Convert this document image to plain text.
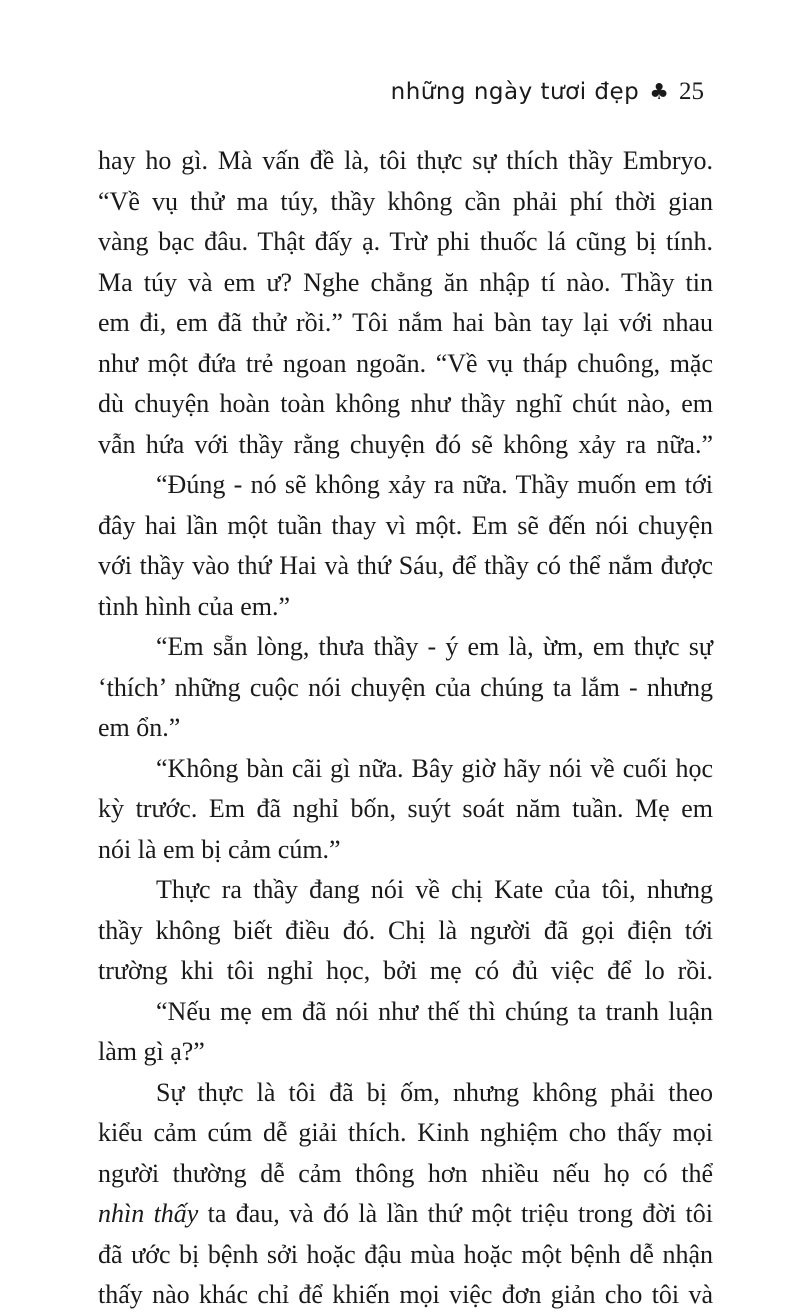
những ngày tươi đẹp ♣ 25
hay ho gì. Mà vấn đề là, tôi thực sự thích thầy Embryo.
“Về vụ thử ma túy, thầy không cần phải phí thời gian
vàng bạc đâu. Thật đấy ạ. Trừ phi thuốc lá cũng bị tính.
Ma túy và em ư? Nghe chẳng ăn nhập tí nào. Thầy tin
em đi, em đã thử rồi.” Tôi nắm hai bàn tay lại với nhau
như một đứa trẻ ngoan ngoãn. “Về vụ tháp chuông, mặc
dù chuyện hoàn toàn không như thầy nghĩ chút nào, em
vẫn hứa với thầy rằng chuyện đó sẽ không xảy ra nữa.”
“Đúng - nó sẽ không xảy ra nữa. Thầy muốn em tới
đây hai lần một tuần thay vì một. Em sẽ đến nói chuyện
với thầy vào thứ Hai và thứ Sáu, để thầy có thể nắm được
tình hình của em.”
“Em sẵn lòng, thưa thầy - ý em là, ừm, em thực sự
‘thích’ những cuộc nói chuyện của chúng ta lắm - nhưng
em ổn.”
“Không bàn cãi gì nữa. Bây giờ hãy nói về cuối học
kỳ trước. Em đã nghỉ bốn, suýt soát năm tuần. Mẹ em
nói là em bị cảm cúm.”
Thực ra thầy đang nói về chị Kate của tôi, nhưng
thầy không biết điều đó. Chị là người đã gọi điện tới
trường khi tôi nghỉ học, bởi mẹ có đủ việc để lo rồi.
“Nếu mẹ em đã nói như thế thì chúng ta tranh luận
làm gì ạ?”
Sự thực là tôi đã bị ốm, nhưng không phải theo
kiểu cảm cúm dễ giải thích. Kinh nghiệm cho thấy mọi
người thường dễ cảm thông hơn nhiều nếu họ có thể
nhìn thấy ta đau, và đó là lần thứ một triệu trong đời tôi
đã ước bị bệnh sởi hoặc đậu mùa hoặc một bệnh dễ nhận
thấy nào khác chỉ để khiến mọi việc đơn giản cho tôi và
